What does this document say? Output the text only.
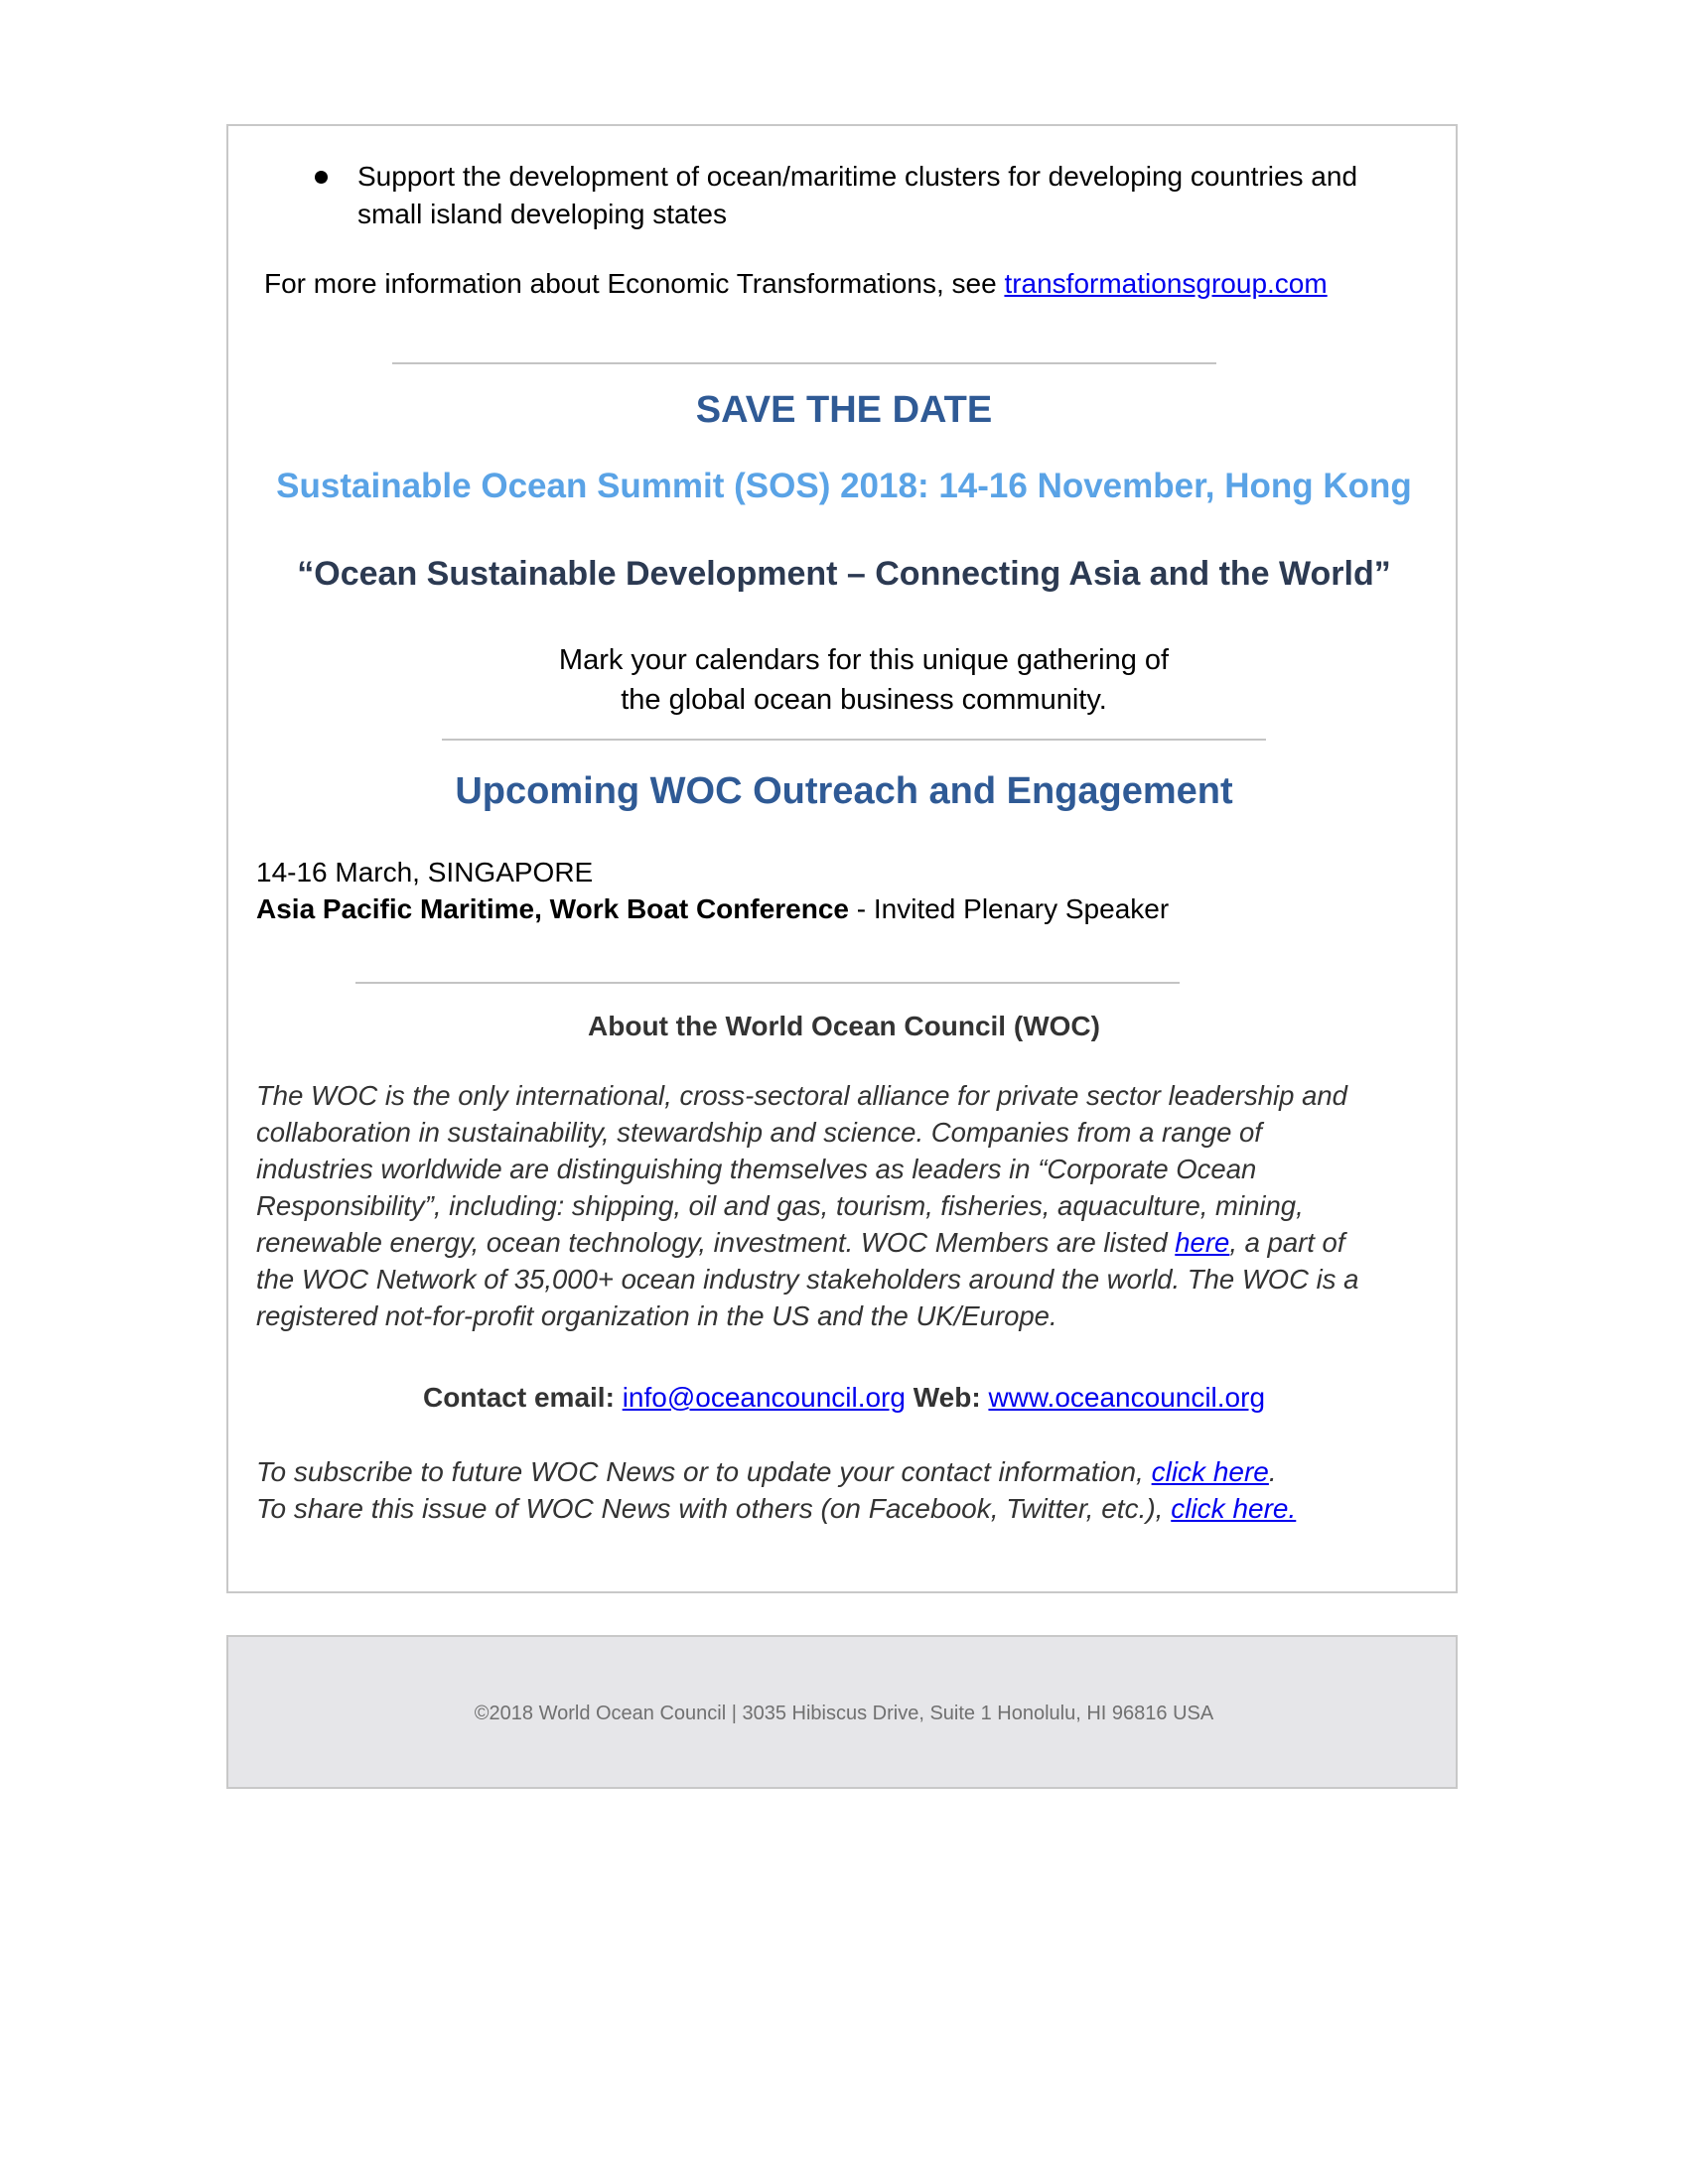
Support the development of ocean/maritime clusters for developing countries and small island developing states
For more information about Economic Transformations, see transformationsgroup.com
SAVE THE DATE
Sustainable Ocean Summit (SOS) 2018: 14-16 November, Hong Kong
“Ocean Sustainable Development – Connecting Asia and the World”
Mark your calendars for this unique gathering of the global ocean business community.
Upcoming WOC Outreach and Engagement
14-16 March, SINGAPORE
Asia Pacific Maritime, Work Boat Conference - Invited Plenary Speaker
About the World Ocean Council (WOC)
The WOC is the only international, cross-sectoral alliance for private sector leadership and collaboration in sustainability, stewardship and science. Companies from a range of industries worldwide are distinguishing themselves as leaders in “Corporate Ocean Responsibility”, including: shipping, oil and gas, tourism, fisheries, aquaculture, mining, renewable energy, ocean technology, investment. WOC Members are listed here, a part of the WOC Network of 35,000+ ocean industry stakeholders around the world. The WOC is a registered not-for-profit organization in the US and the UK/Europe.
Contact email: info@oceancouncil.org Web: www.oceancouncil.org
To subscribe to future WOC News or to update your contact information, click here.
To share this issue of WOC News with others (on Facebook, Twitter, etc.), click here.
©2018 World Ocean Council | 3035 Hibiscus Drive, Suite 1 Honolulu, HI 96816 USA
